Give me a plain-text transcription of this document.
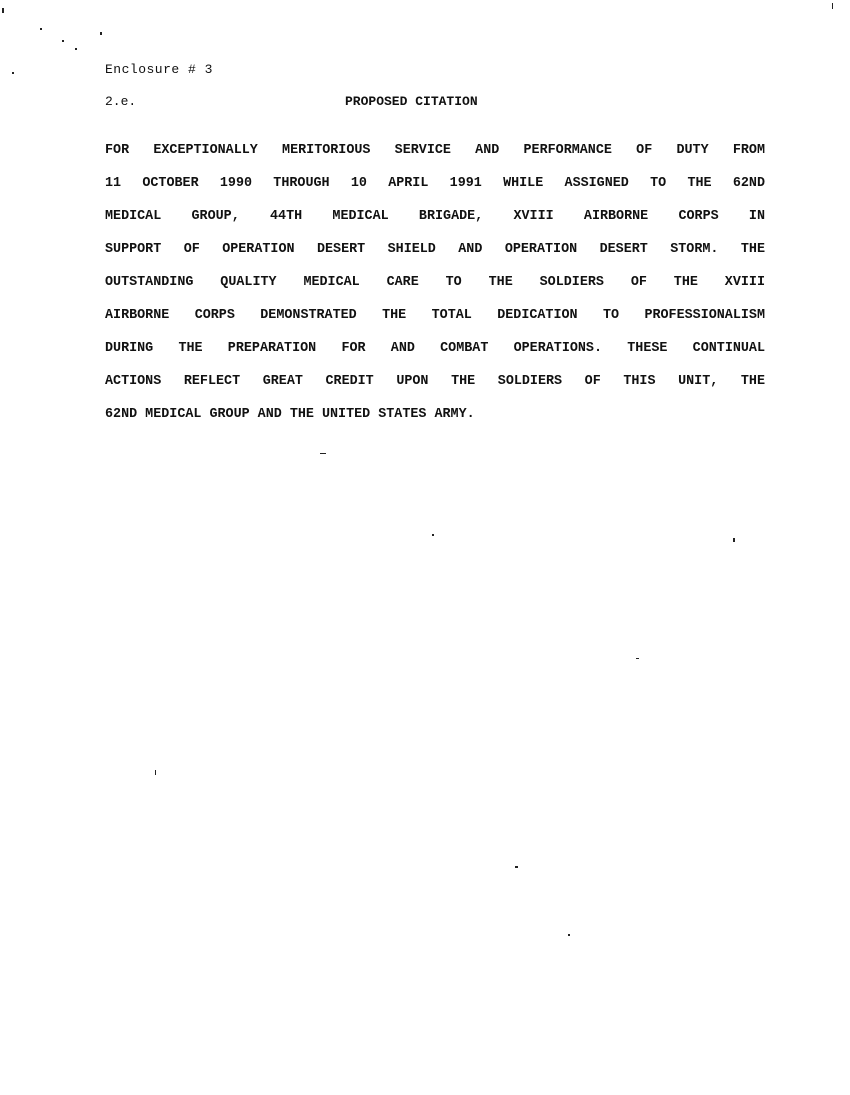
Enclosure # 3
2.e.	PROPOSED CITATION
FOR EXCEPTIONALLY MERITORIOUS SERVICE AND PERFORMANCE OF DUTY FROM
11 OCTOBER 1990 THROUGH 10 APRIL 1991 WHILE ASSIGNED TO THE 62ND
MEDICAL GROUP, 44TH MEDICAL BRIGADE, XVIII AIRBORNE CORPS IN
SUPPORT OF OPERATION DESERT SHIELD AND OPERATION DESERT STORM. THE
OUTSTANDING QUALITY MEDICAL CARE TO THE SOLDIERS OF THE XVIII
AIRBORNE CORPS DEMONSTRATED THE TOTAL DEDICATION TO PROFESSIONALISM
DURING THE PREPARATION FOR AND COMBAT OPERATIONS. THESE CONTINUAL
ACTIONS REFLECT GREAT CREDIT UPON THE SOLDIERS OF THIS UNIT, THE
62ND MEDICAL GROUP AND THE UNITED STATES ARMY.
